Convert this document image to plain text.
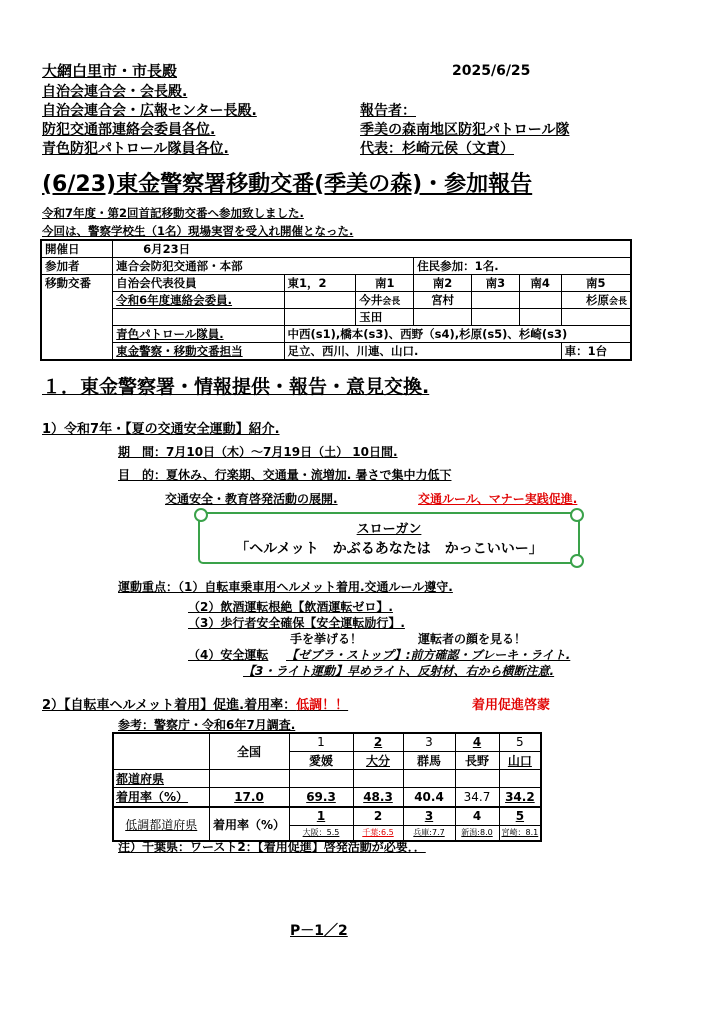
大網白里市・市長殿
自治会連合会・会長殿.
自治会連合会・広報センター長殿.
防犯交通部連絡会委員各位.
青色防犯パトロール隊員各位.
2025/6/25
報告者：
季美の森南地区防犯パトロール隊
代表：杉崎元侯（文責）
(6/23)東金警察署移動交番(季美の森)・参加報告
令和7年度・第2回首記移動交番へ参加致しました.
今回は、警察学校生（1名）現場実習を受入れ開催となった.
開催日	6月23日						
参加者	連合会防犯交通部・本部			住民参加：1名.			
移動交番	自治会代表役員	東1，2	南1	南2	南3	南4	南5
	令和6年度連絡会委員.		今井会長	宮村			杉原会長
			玉田				
	青色パトロール隊員.	中西(s1),橋本(s3)、西野（s4),杉原(s5)、杉崎(s3)					
	東金警察・移動交番担当	足立、西川、川連、山口.					車：1台
１．東金警察署・情報提供・報告・意見交換.
1）令和7年・【夏の交通安全運動】紹介.
期　間：7月10日（木）～7月19日（土） 10日間.
目　的：夏休み、行楽期、交通量・流増加. 暑さで集中力低下
交通安全・教育啓発活動の展開.	交通ルール、マナー実践促進.
スローガン
「ヘルメット　かぶるあなたは　かっこいいー」
運動重点：（1）自転車乗車用ヘルメット着用.交通ルール遵守.
（2）飲酒運転根絶【飲酒運転ゼロ】.
（3）歩行者安全確保【安全運転励行】.
手を挙げる！	運転者の顔を見る！
（4）安全運転 【ゼブラ・ストップ】:前方確認・ブレーキ・ライト.
【3・ライト運動】早めライト、反射材、右から横断注意.
2）【自転車ヘルメット着用】促進.着用率：低調！！	着用促進啓蒙
参考：警察庁・令和6年7月調査.
	全国	1	2	3	4	5
		愛媛	大分	群馬	長野	山口
都道府県						
着用率（%）	17.0	69.3	48.3	40.4	34.7	34.2
低調都道府県	着用率（%）	1	2	3	4	5
		大阪：5.5	千葉:6.5	兵庫:7.7	新潟:8.0	宮崎：8.1
注）千葉県：ワースト2：【着用促進】啓発活動が必要．．
P－1／2
